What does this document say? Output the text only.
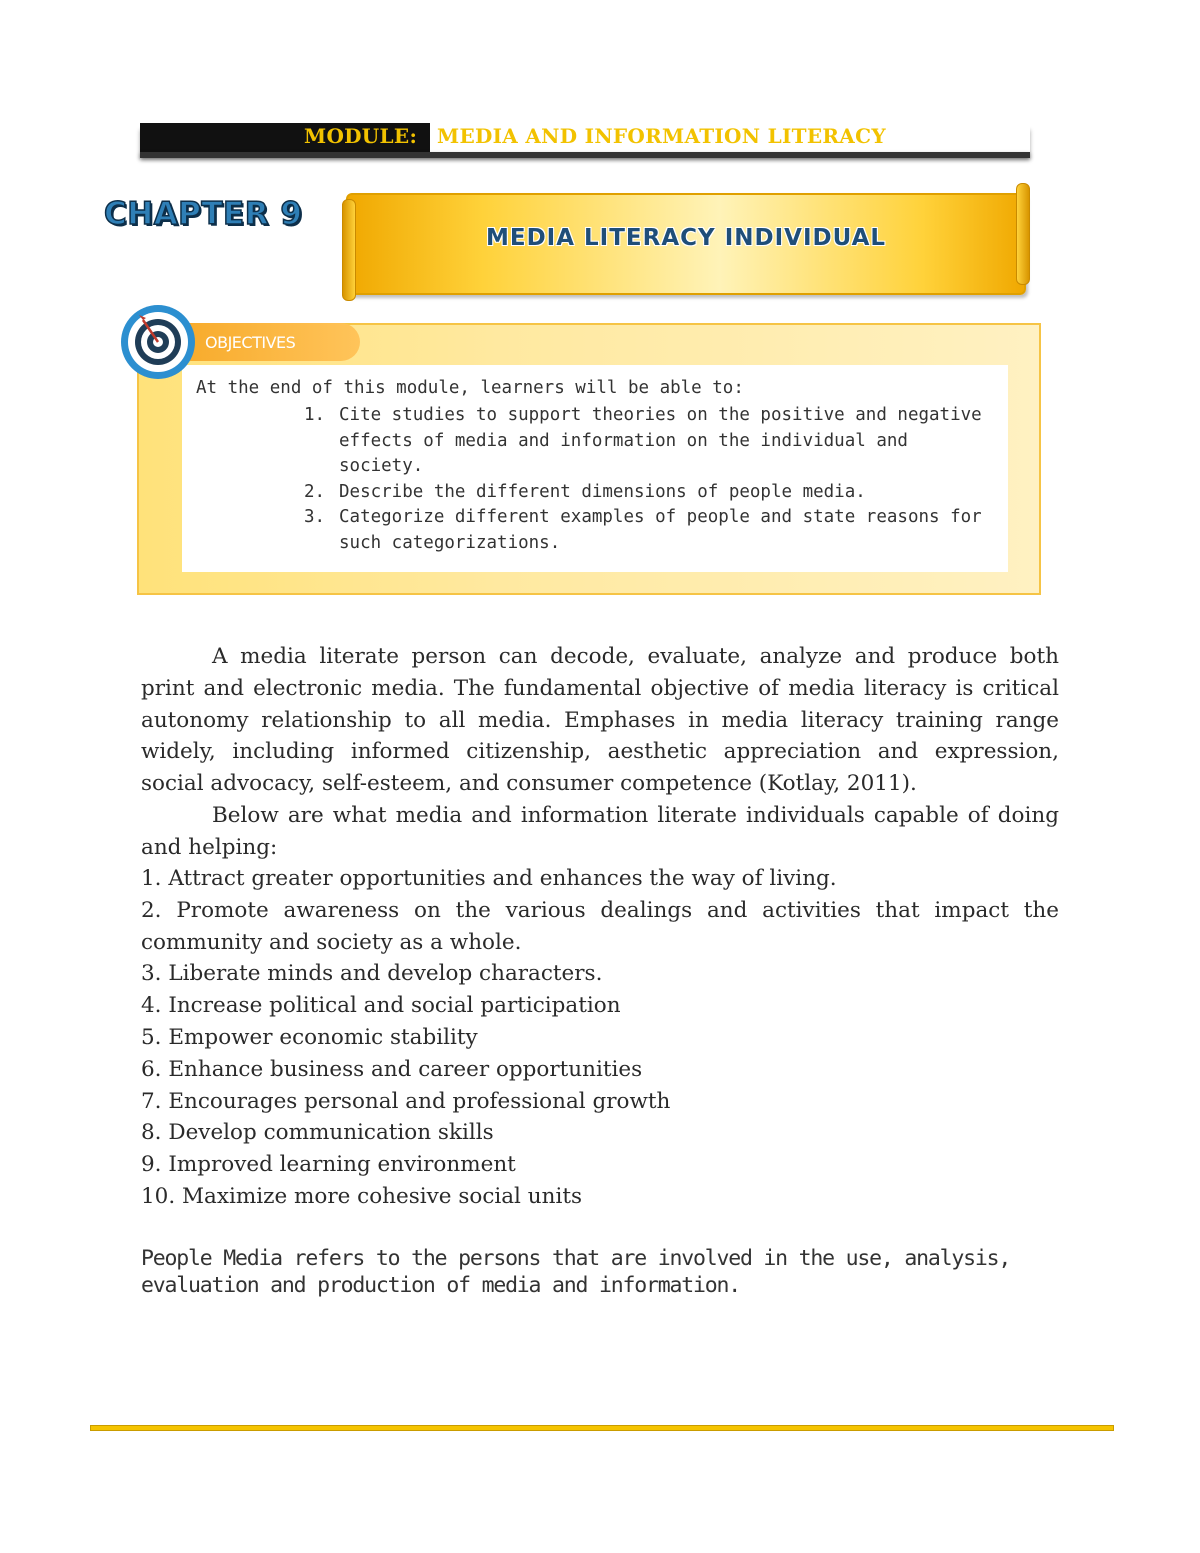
MODULE: MEDIA AND INFORMATION LITERACY
CHAPTER 9
MEDIA LITERACY INDIVIDUAL
OBJECTIVES
At the end of this module, learners will be able to:
1. Cite studies to support theories on the positive and negative effects of media and information on the individual and society.
2. Describe the different dimensions of people media.
3. Categorize different examples of people and state reasons for such categorizations.
A media literate person can decode, evaluate, analyze and produce both print and electronic media. The fundamental objective of media literacy is critical autonomy relationship to all media. Emphases in media literacy training range widely, including informed citizenship, aesthetic appreciation and expression, social advocacy, self-esteem, and consumer competence (Kotlay, 2011).
Below are what media and information literate individuals capable of doing and helping:
1. Attract greater opportunities and enhances the way of living.
2. Promote awareness on the various dealings and activities that impact the community and society as a whole.
3. Liberate minds and develop characters.
4. Increase political and social participation
5. Empower economic stability
6. Enhance business and career opportunities
7. Encourages personal and professional growth
8. Develop communication skills
9. Improved learning environment
10. Maximize more cohesive social units
People Media refers to the persons that are involved in the use, analysis, evaluation and production of media and information.
